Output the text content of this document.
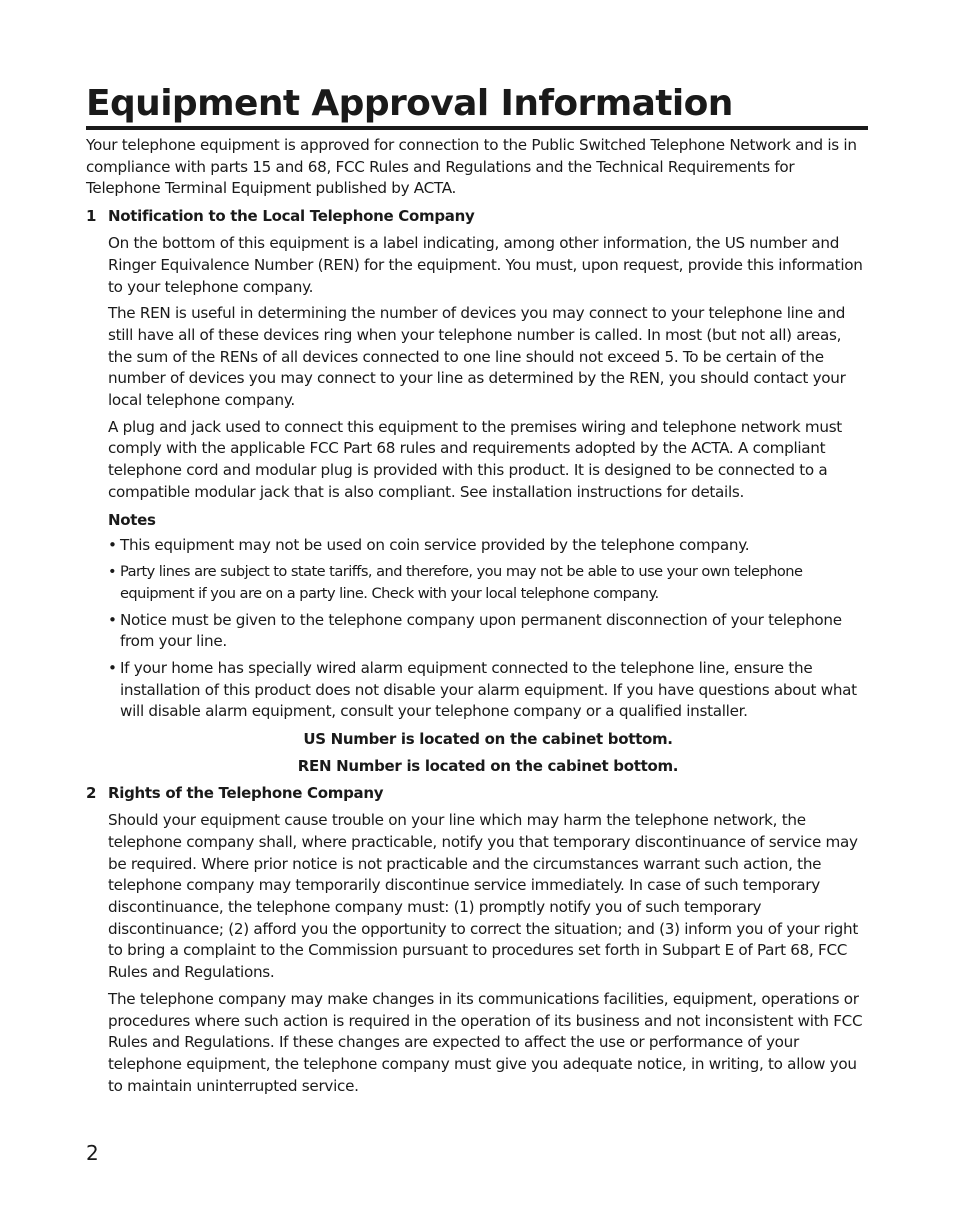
Equipment Approval Information

Your telephone equipment is approved for connection to the Public Switched Telephone Network and is in compliance with parts 15 and 68, FCC Rules and Regulations and the Technical Requirements for Telephone Terminal Equipment published by ACTA.

1 Notification to the Local Telephone Company

On the bottom of this equipment is a label indicating, among other information, the US number and Ringer Equivalence Number (REN) for the equipment. You must, upon request, provide this information to your telephone company.

The REN is useful in determining the number of devices you may connect to your telephone line and still have all of these devices ring when your telephone number is called. In most (but not all) areas, the sum of the RENs of all devices connected to one line should not exceed 5. To be certain of the number of devices you may connect to your line as determined by the REN, you should contact your local telephone company.

A plug and jack used to connect this equipment to the premises wiring and telephone network must comply with the applicable FCC Part 68 rules and requirements adopted by the ACTA. A compliant telephone cord and modular plug is provided with this product. It is designed to be connected to a compatible modular jack that is also compliant. See installation instructions for details.

Notes
• This equipment may not be used on coin service provided by the telephone company.
• Party lines are subject to state tariffs, and therefore, you may not be able to use your own telephone equipment if you are on a party line. Check with your local telephone company.
• Notice must be given to the telephone company upon permanent disconnection of your telephone from your line.
• If your home has specially wired alarm equipment connected to the telephone line, ensure the installation of this product does not disable your alarm equipment. If you have questions about what will disable alarm equipment, consult your telephone company or a qualified installer.
US Number is located on the cabinet bottom.
REN Number is located on the cabinet bottom.
2 Rights of the Telephone Company

Should your equipment cause trouble on your line which may harm the telephone network, the telephone company shall, where practicable, notify you that temporary discontinuance of service may be required. Where prior notice is not practicable and the circumstances warrant such action, the telephone company may temporarily discontinue service immediately. In case of such temporary discontinuance, the telephone company must: (1) promptly notify you of such temporary discontinuance; (2) afford you the opportunity to correct the situation; and (3) inform you of your right to bring a complaint to the Commission pursuant to procedures set forth in Subpart E of Part 68, FCC Rules and Regulations.

The telephone company may make changes in its communications facilities, equipment, operations or procedures where such action is required in the operation of its business and not inconsistent with FCC Rules and Regulations. If these changes are expected to affect the use or performance of your telephone equipment, the telephone company must give you adequate notice, in writing, to allow you to maintain uninterrupted service.

2
